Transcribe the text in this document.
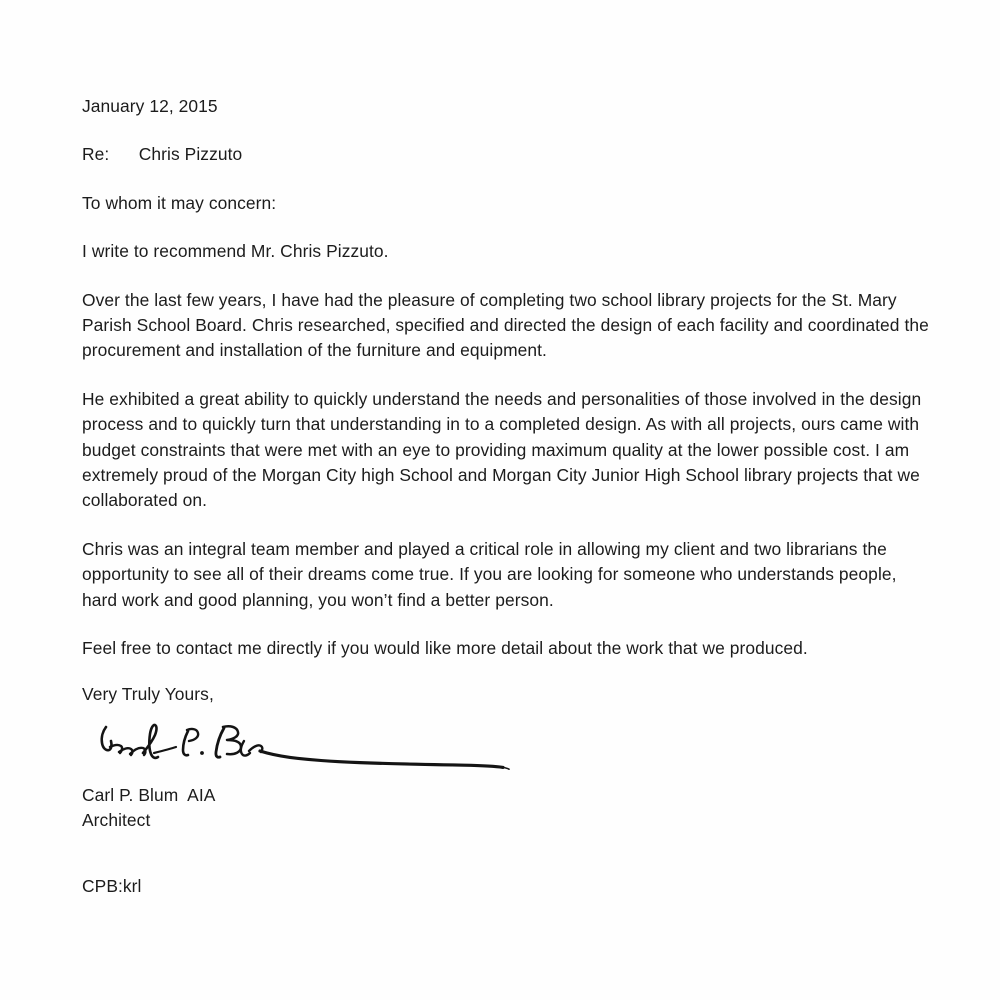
January 12, 2015
Re:      Chris Pizzuto
To whom it may concern:
I write to recommend Mr. Chris Pizzuto.

Over the last few years, I have had the pleasure of completing two school library projects for the St. Mary Parish School Board. Chris researched, specified and directed the design of each facility and coordinated the procurement and installation of the furniture and equipment.

He exhibited a great ability to quickly understand the needs and personalities of those involved in the design process and to quickly turn that understanding in to a completed design. As with all projects, ours came with budget constraints that were met with an eye to providing maximum quality at the lower possible cost. I am extremely proud of the Morgan City high School and Morgan City Junior High School library projects that we collaborated on.

Chris was an integral team member and played a critical role in allowing my client and two librarians the opportunity to see all of their dreams come true. If you are looking for someone who understands people, hard work and good planning, you won’t find a better person.

Feel free to contact me directly if you would like more detail about the work that we produced.

Very Truly Yours,
Carl P. Blum  AIA
Architect
CPB:krl
